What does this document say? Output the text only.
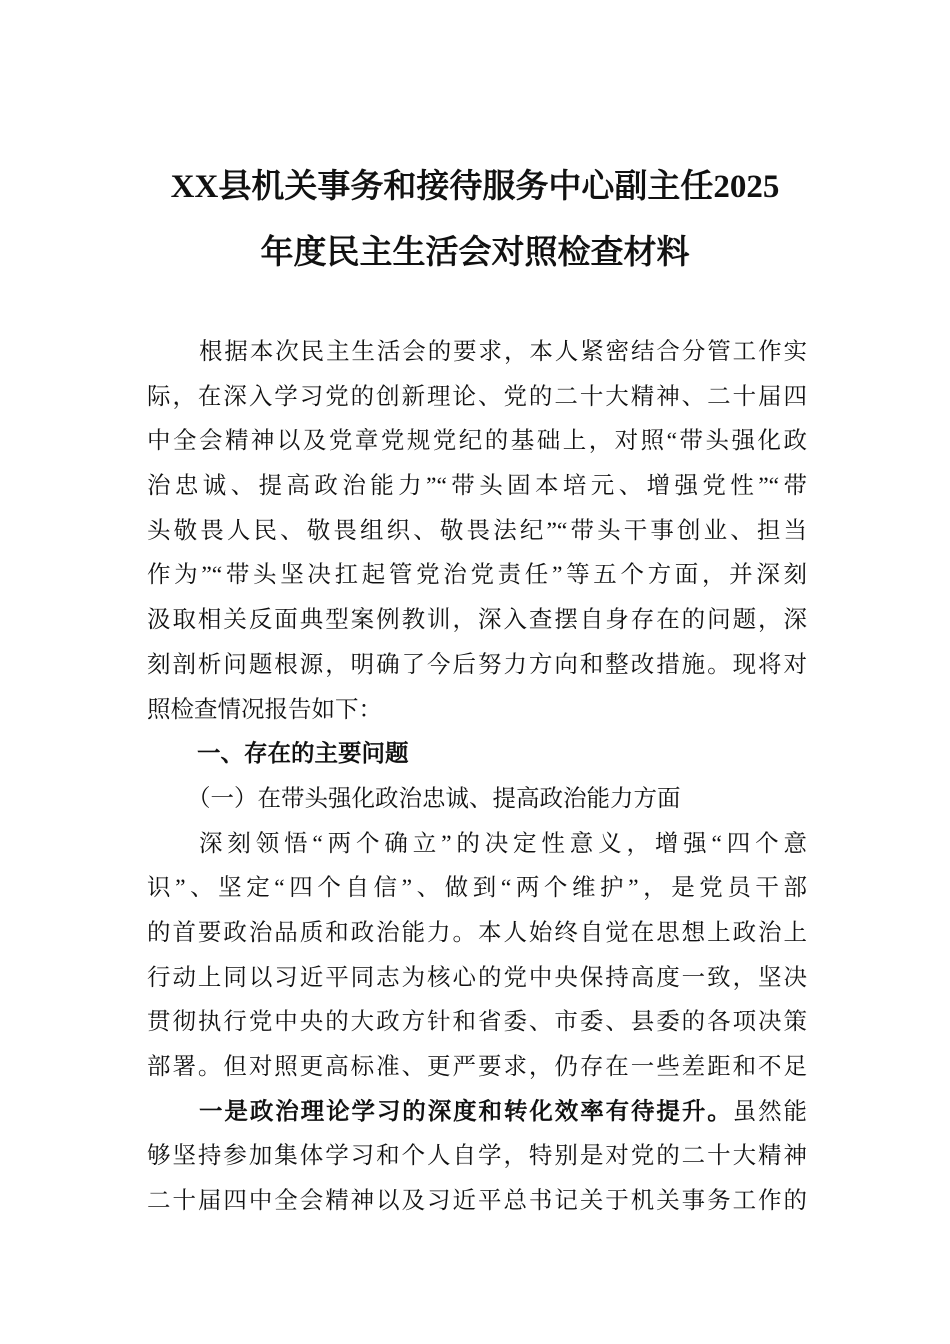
XX县机关事务和接待服务中心副主任2025
年度民主生活会对照检查材料
根据本次民主生活会的要求，本人紧密结合分管工作实
际，在深入学习党的创新理论、党的二十大精神、二十届四
中全会精神以及党章党规党纪的基础上，对照“带头强化政
治忠诚、提高政治能力”“带头固本培元、增强党性”“带
头敬畏人民、敬畏组织、敬畏法纪”“带头干事创业、担当
作为”“带头坚决扛起管党治党责任”等五个方面，并深刻
汲取相关反面典型案例教训，深入查摆自身存在的问题，深
刻剖析问题根源，明确了今后努力方向和整改措施。现将对
照检查情况报告如下：
一、存在的主要问题
（一）在带头强化政治忠诚、提高政治能力方面
深刻领悟“两个确立”的决定性意义，增强“四个意
识”、坚定“四个自信”、做到“两个维护”，是党员干部
的首要政治品质和政治能力。本人始终自觉在思想上政治上
行动上同以习近平同志为核心的党中央保持高度一致，坚决
贯彻执行党中央的大政方针和省委、市委、县委的各项决策
部署。但对照更高标准、更严要求，仍存在一些差距和不足
一是政治理论学习的深度和转化效率有待提升。虽然能
够坚持参加集体学习和个人自学，特别是对党的二十大精神
二十届四中全会精神以及习近平总书记关于机关事务工作的
